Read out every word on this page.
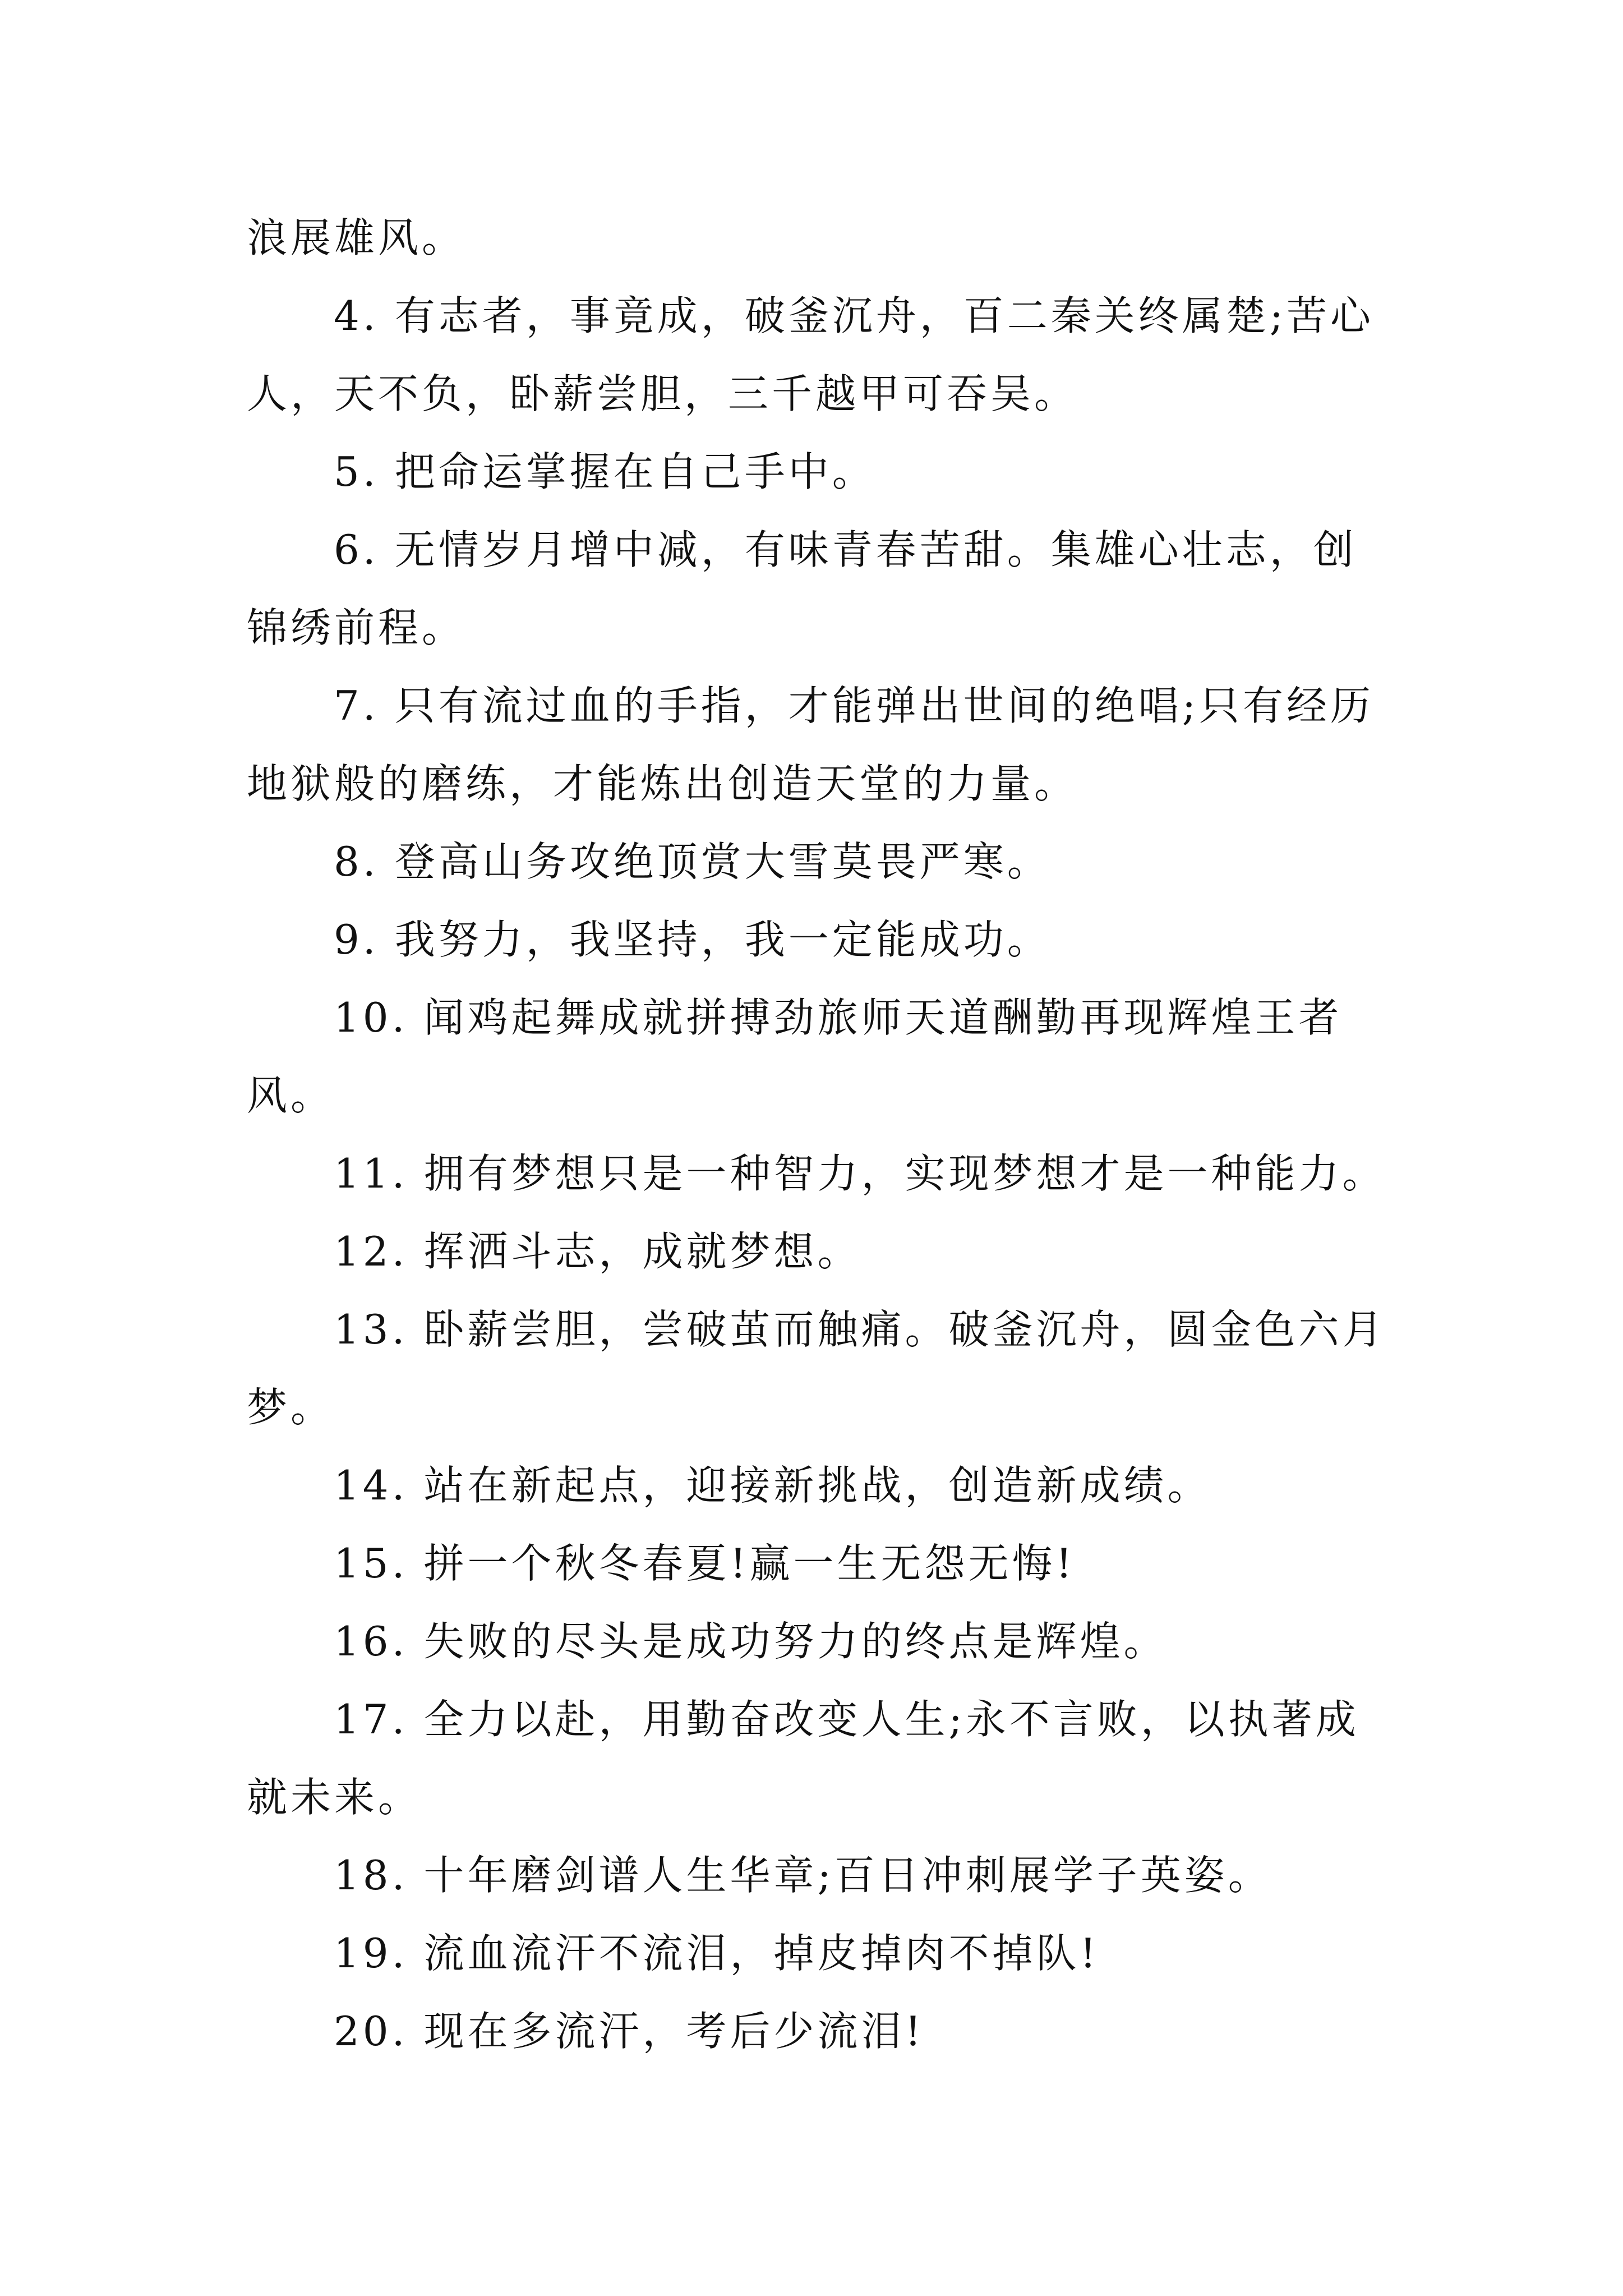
浪展雄风。
4. 有志者，事竟成，破釜沉舟，百二秦关终属楚;苦心
人，天不负，卧薪尝胆，三千越甲可吞吴。
5. 把命运掌握在自己手中。
6. 无情岁月增中减，有味青春苦甜。集雄心壮志，创
锦绣前程。
7. 只有流过血的手指，才能弹出世间的绝唱;只有经历
地狱般的磨练，才能炼出创造天堂的力量。
8. 登高山务攻绝顶赏大雪莫畏严寒。
9. 我努力，我坚持，我一定能成功。
10. 闻鸡起舞成就拼搏劲旅师天道酬勤再现辉煌王者
风。
11. 拥有梦想只是一种智力，实现梦想才是一种能力。
12. 挥洒斗志，成就梦想。
13. 卧薪尝胆，尝破茧而触痛。破釜沉舟，圆金色六月
梦。
14. 站在新起点，迎接新挑战，创造新成绩。
15. 拼一个秋冬春夏!赢一生无怨无悔!
16. 失败的尽头是成功努力的终点是辉煌。
17. 全力以赴，用勤奋改变人生;永不言败，以执著成
就未来。
18. 十年磨剑谱人生华章;百日冲刺展学子英姿。
19. 流血流汗不流泪，掉皮掉肉不掉队!
20. 现在多流汗，考后少流泪!
